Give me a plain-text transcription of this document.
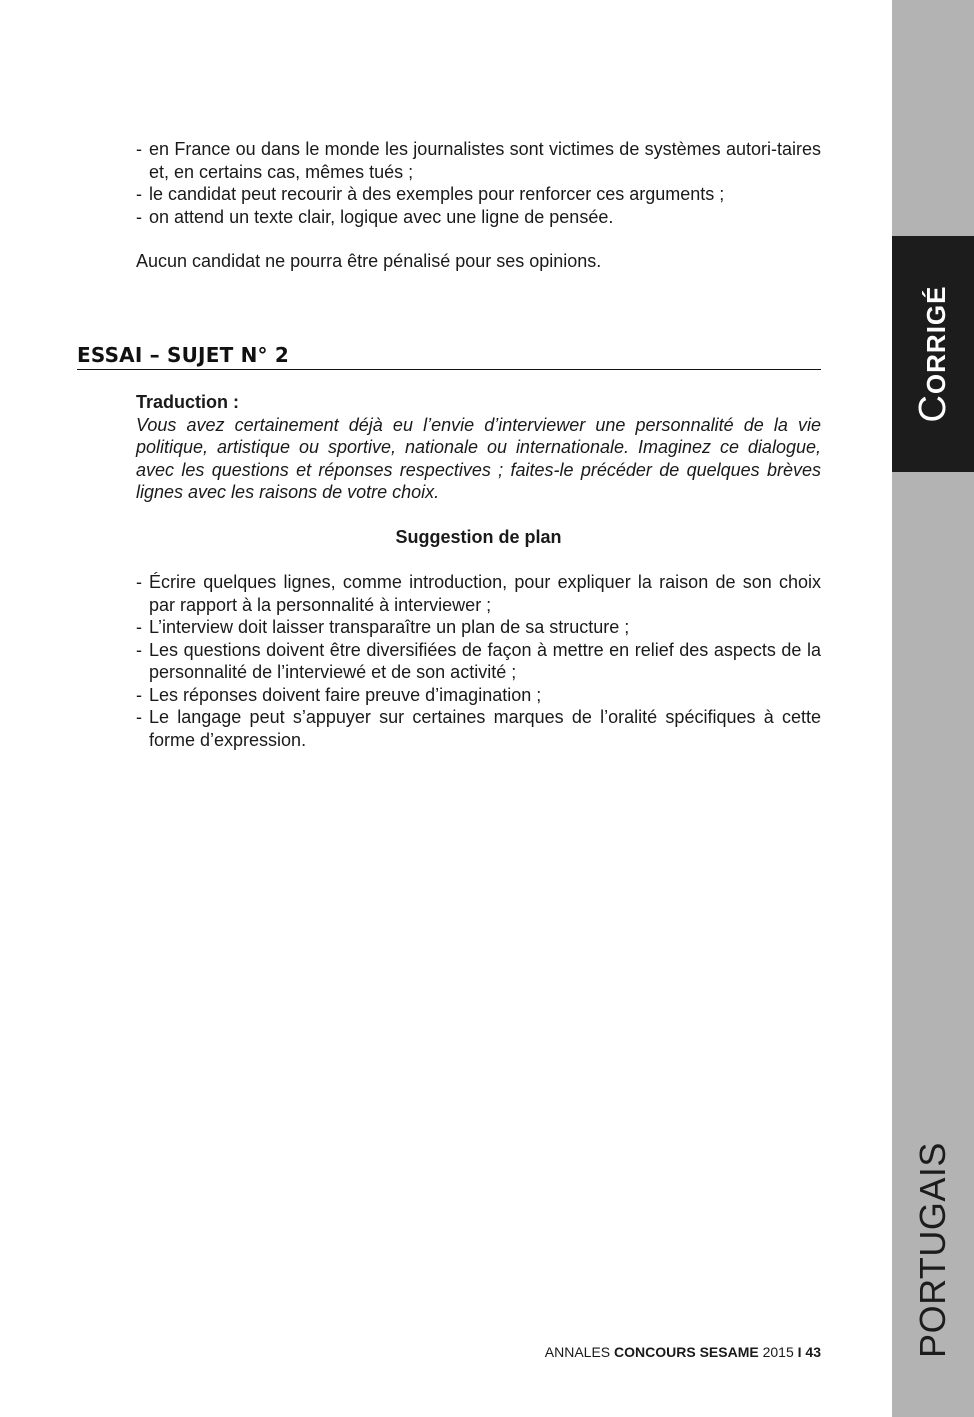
- en France ou dans le monde les journalistes sont victimes de systèmes autori-taires et, en certains cas, mêmes tués ;
- le candidat peut recourir à des exemples pour renforcer ces arguments ;
- on attend un texte clair, logique avec une ligne de pensée.
Aucun candidat ne pourra être pénalisé pour ses opinions.
ESSAI – SUJET N° 2
Traduction :
Vous avez certainement déjà eu l’envie d’interviewer une personnalité de la vie politique, artistique ou sportive, nationale ou internationale. Imaginez ce dialogue, avec les questions et réponses respectives ; faites-le précéder de quelques brèves lignes avec les raisons de votre choix.
Suggestion de plan
- Écrire quelques lignes, comme introduction, pour expliquer la raison de son choix par rapport à la personnalité à interviewer ;
- L’interview doit laisser transparaître un plan de sa structure ;
- Les questions doivent être diversifiées de façon à mettre en relief des aspects de la personnalité de l’interviewé et de son activité ;
- Les réponses doivent faire preuve d’imagination ;
- Le langage peut s’appuyer sur certaines marques de l’oralité spécifiques à cette forme d’expression.
ANNALES CONCOURS SESAME 2015 I 43
CORRIGÉ
PORTUGAIS
